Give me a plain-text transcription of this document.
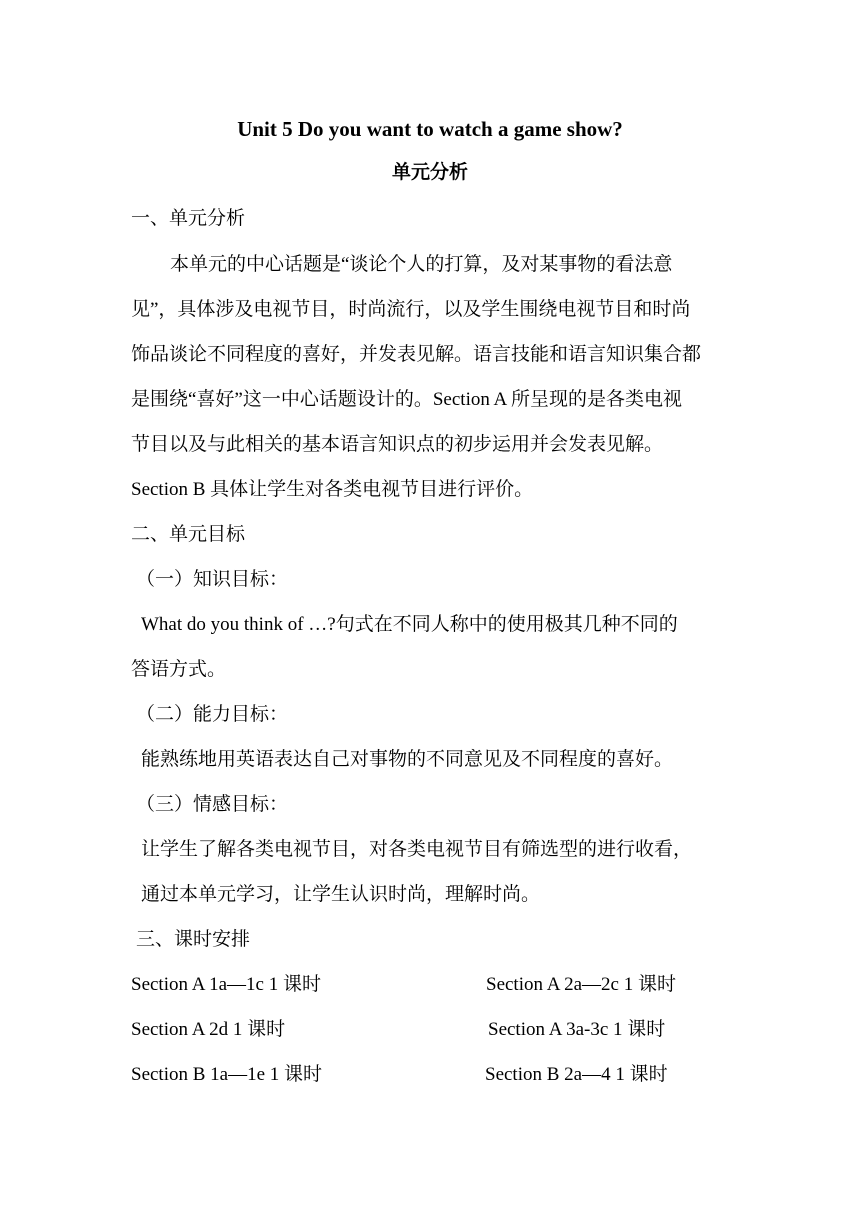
Unit 5 Do you want to watch a game show?
单元分析
一、单元分析
本单元的中心话题是“谈论个人的打算，及对某事物的看法意
见”，具体涉及电视节目，时尚流行，以及学生围绕电视节目和时尚
饰品谈论不同程度的喜好，并发表见解。语言技能和语言知识集合都
是围绕“喜好”这一中心话题设计的。Section A 所呈现的是各类电视
节目以及与此相关的基本语言知识点的初步运用并会发表见解。
Section B 具体让学生对各类电视节目进行评价。
二、单元目标
（一）知识目标：
What do you think of …?句式在不同人称中的使用极其几种不同的
答语方式。
（二）能力目标：
能熟练地用英语表达自己对事物的不同意见及不同程度的喜好。
（三）情感目标：
让学生了解各类电视节目，对各类电视节目有筛选型的进行收看，
通过本单元学习，让学生认识时尚，理解时尚。
三、课时安排
Section A 1a—1c 1 课时	Section A 2a—2c 1 课时
Section A 2d 1 课时	Section A 3a-3c 1 课时
Section B 1a—1e 1 课时	Section B 2a—4 1 课时
